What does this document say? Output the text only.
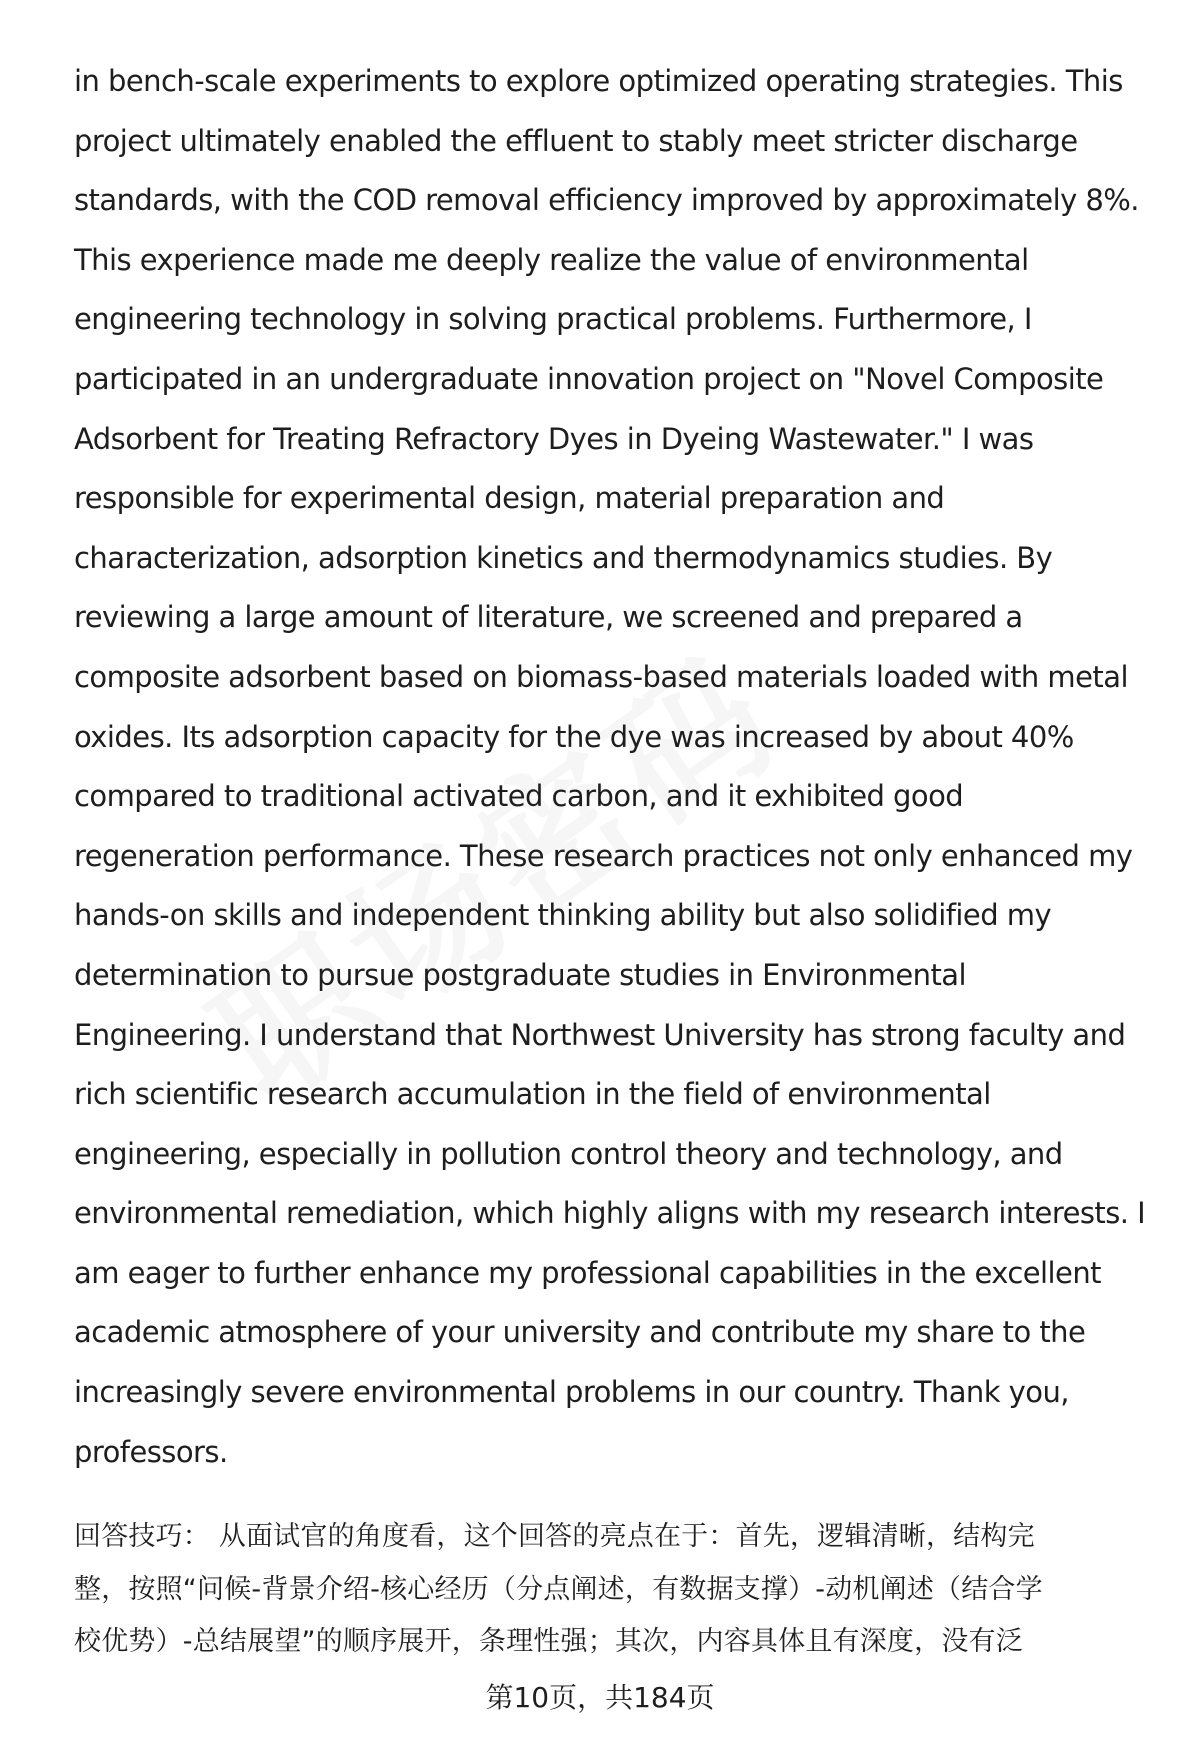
in bench-scale experiments to explore optimized operating strategies. This
project ultimately enabled the effluent to stably meet stricter discharge
standards, with the COD removal efficiency improved by approximately 8%.
This experience made me deeply realize the value of environmental
engineering technology in solving practical problems. Furthermore, I
participated in an undergraduate innovation project on "Novel Composite
Adsorbent for Treating Refractory Dyes in Dyeing Wastewater." I was
responsible for experimental design, material preparation and
characterization, adsorption kinetics and thermodynamics studies. By
reviewing a large amount of literature, we screened and prepared a
composite adsorbent based on biomass-based materials loaded with metal
oxides. Its adsorption capacity for the dye was increased by about 40%
compared to traditional activated carbon, and it exhibited good
regeneration performance. These research practices not only enhanced my
hands-on skills and independent thinking ability but also solidified my
determination to pursue postgraduate studies in Environmental
Engineering. I understand that Northwest University has strong faculty and
rich scientific research accumulation in the field of environmental
engineering, especially in pollution control theory and technology, and
environmental remediation, which highly aligns with my research interests. I
am eager to further enhance my professional capabilities in the excellent
academic atmosphere of your university and contribute my share to the
increasingly severe environmental problems in our country. Thank you,
professors.
回答技巧： 从面试官的角度看，这个回答的亮点在于：首先，逻辑清晰，结构完
整，按照“问候-背景介绍-核心经历（分点阐述，有数据支撑）-动机阐述（结合学
校优势）-总结展望”的顺序展开，条理性强；其次，内容具体且有深度，没有泛
第10页，共184页
